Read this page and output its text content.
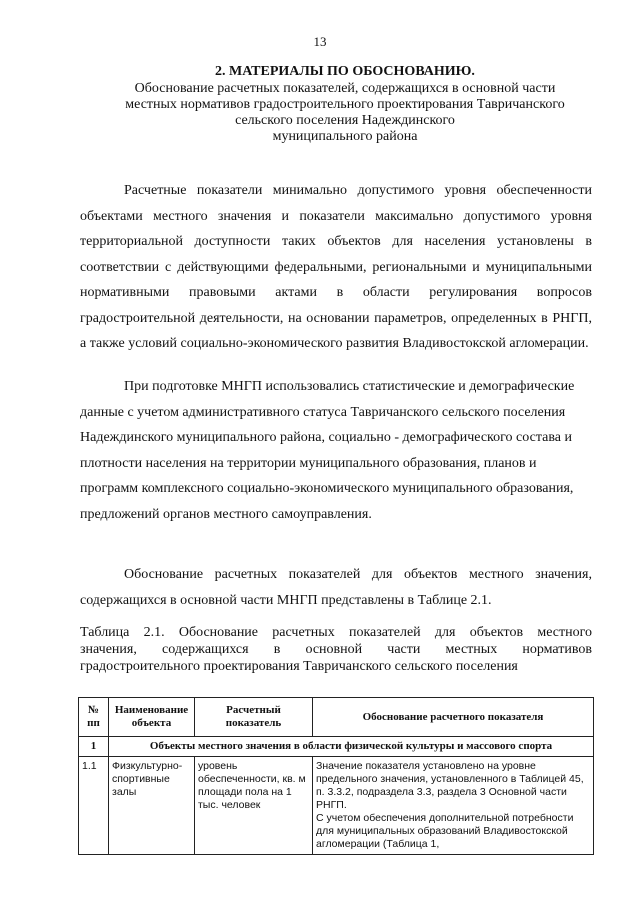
13
2. МАТЕРИАЛЫ ПО ОБОСНОВАНИЮ.
Обоснование расчетных показателей, содержащихся в основной части
местных нормативов градостроительного проектирования Тавричанского
сельского поселения Надеждинского
муниципального района

Расчетные показатели минимально допустимого уровня обеспеченности объектами местного значения и показатели максимально допустимого уровня территориальной доступности таких объектов для населения установлены в соответствии с действующими федеральными, региональными и муниципальными нормативными правовыми актами в области регулирования вопросов градостроительной деятельности, на основании параметров, определенных в РНГП, а также условий социально-экономического развития Владивостокской агломерации.

При подготовке МНГП использовались статистические и демографические данные с учетом административного статуса Тавричанского сельского поселения Надеждинского муниципального района, социально - демографического состава и плотности населения на территории муниципального образования, планов и программ комплексного социально-экономического муниципального образования, предложений органов местного самоуправления.

Обоснование расчетных показателей для объектов местного значения, содержащихся в основной части МНГП представлены в Таблице 2.1.

Таблица 2.1. Обоснование расчетных показателей для объектов местного

значения, содержащихся в основной части местных нормативов

градостроительного проектирования Тавричанского сельского поселения

№ пп	Наименование объекта	Расчетный показатель	Обоснование расчетного показателя
1	Объекты местного значения в области физической культуры и массового спорта		
1.1	Физкультурно-спортивные залы	уровень обеспеченности, кв. м площади пола на 1 тыс. человек	Значение показателя установлено на уровне предельного значения, установленного в Таблицей 45, п. 3.3.2, подраздела 3.3, раздела 3 Основной части РНГП.

С учетом обеспечения дополнительной потребности для муниципальных образований Владивостокской агломерации (Таблица 1,
